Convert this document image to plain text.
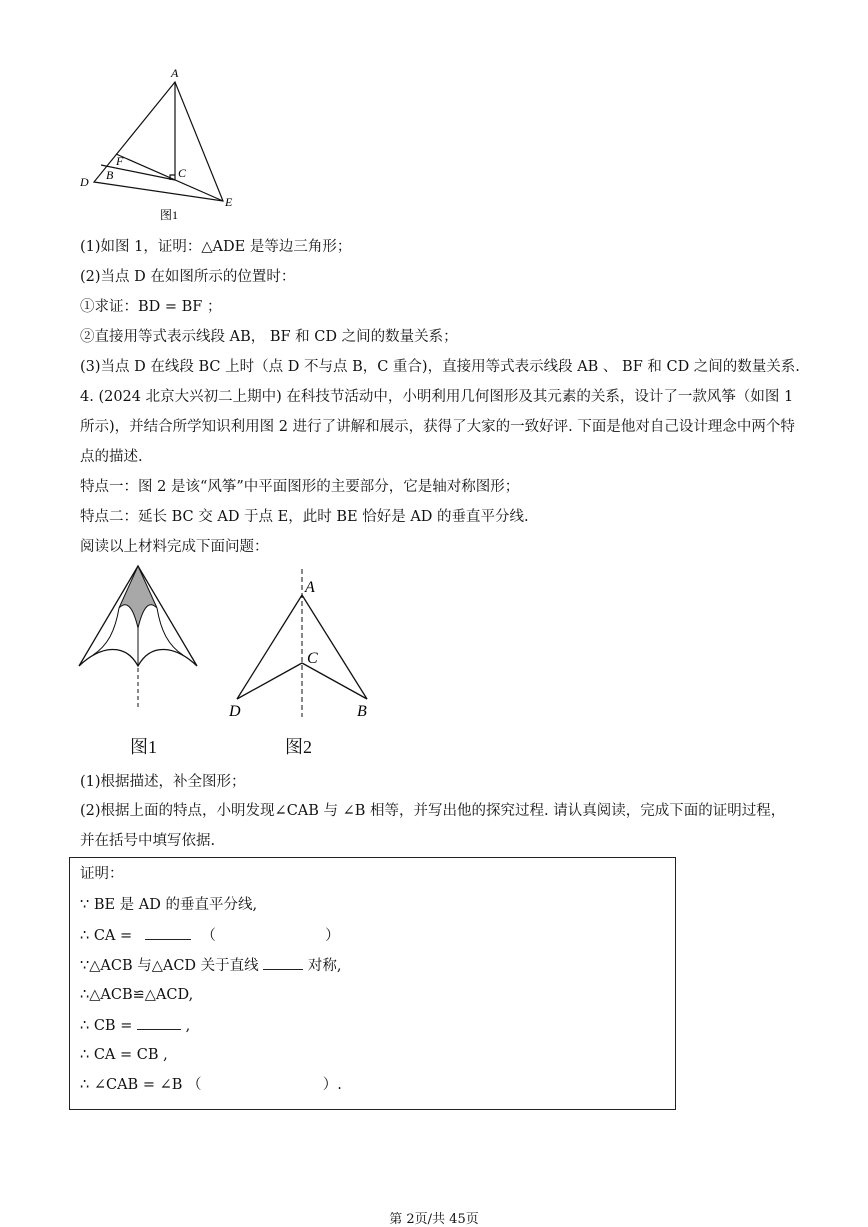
A
C
D B
F
E
图1
(1)如图 1，证明：△ADE 是等边三角形；
(2)当点 D 在如图所示的位置时：
①求证：BD = BF ；
②直接用等式表示线段 AB， BF 和 CD 之间的数量关系；
(3)当点 D 在线段 BC 上时（点 D 不与点 B，C 重合)，直接用等式表示线段 AB 、 BF 和 CD 之间的数量关系.
4. (2024 北京大兴初二上期中) 在科技节活动中，小明利用几何图形及其元素的关系，设计了一款风筝（如图 1 所示)，并结合所学知识利用图 2 进行了讲解和展示，获得了大家的一致好评. 下面是他对自己设计理念中两个特点的描述.
特点一：图 2 是该“风筝”中平面图形的主要部分，它是轴对称图形；
特点二：延长 BC 交 AD 于点 E，此时 BE 恰好是 AD 的垂直平分线.
阅读以上材料完成下面问题：
A
C
D	B
图1	图2
(1)根据描述，补全图形；
(2)根据上面的特点，小明发现∠CAB 与 ∠B 相等，并写出他的探究过程. 请认真阅读，完成下面的证明过程，并在括号中填写依据.
证明：
∵ BE 是 AD 的垂直平分线,
∴ CA =	（	）
∵△ACB 与△ACD 关于直线	对称,
∴△ACB≌△ACD,
∴ CB =	,
∴ CA = CB ,
∴ ∠CAB = ∠B （	）.
第 2页/共 45页
